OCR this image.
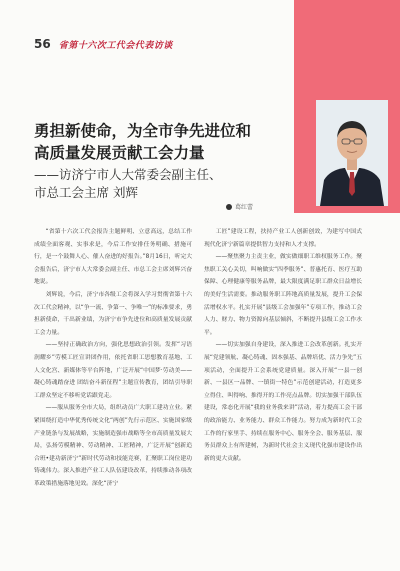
56 省第十六次工代会代表访谈
勇担新使命，为全市争先进位和
高质量发展贡献工会力量
——访济宁市人大常委会副主任、
市总工会主席 刘辉
葛红蕾

“省第十六次工代会报告主题鲜明、立意高远，总结工作成绩全面客观、实事求是，今后工作安排任务明确、措施可行，是一个鼓舞人心、催人奋进的好报告。”8月16日，听完大会报告后，济宁市人大常委会副主任、市总工会主席刘辉兴奋地说。

刘辉说，今后，济宁市各级工会将深入学习贯彻省第十六次工代会精神，以“争一流、争第一、争唯一”的标准要求，勇担新使命，干出新业绩，为济宁市争先进位和高质量发展贡献工会力量。

——坚持正确政治方向，强化思想政治引领。发挥“习语润耀乡”劳模工匠宣讲团作用，依托省职工思想教育基地、工人文化宫、新媒体等平台阵地，广泛开展“中国梦·劳动美——凝心铸魂踏奋进 团结奋斗新征程”主题宣传教育，团结引导职工群众坚定不移听党话跟党走。

——服从服务全市大局，组织动员广大职工建功立业。紧紧围绕打造中华优秀传统文化“两创”先行示范区、实施国家级产业链条与发展战略，实施制造强市战略等全市高质量发展大局，弘扬劳模精神、劳动精神、工匠精神，广泛开展“创新追合班•建功新济宁”新时代劳动和技能竞赛，汇聚职工岗位建功铸魂伟力。深入推进产业工人队伍建设改革，持续推动各项改革政策措施落地见效。深化“济宁

工匠”建设工程，扶持产业工人创新创效，为建写中国式现代化济宁新篇章提供智力支持和人才支撑。

——聚焦聚力主责主业，做实做细职工维权服务工作。聚焦职工关心关切，叫响做实“四季服务”、普惠托育、医疗互助保障、心理健康等服务品牌，最大限度满足职工群众日益增长的美好生活需要。推动服务职工阵地高质量发展，提升工会保活增权水平。扎实开展“县级工会加强年”专项工作，推动工会人力、财力、物力资源向基层倾斜，不断提升县级工会工作水平。

——切实加强自身建设，深入推进工会改革创新。扎实开展“党建领航、凝心铸魂、固本强基、品牌培优、活力争先”五项活动，全面提升工会系统党建质量。深入开展“一县一创新、一县区一品牌、一镇街一特色”示范创建活动，打造更多立得住、叫得响、推得开的工作亮点品牌。切实加强干部队伍建设，常态化开展“我的业务我来讲”活动，着力提高工会干部的政治能力、业务能力、群众工作能力。努力成为新时代工会工作的行家里手、持续在服务中心、服务全会、服务基层、服务员群众上有所建树，为新时代社会主义现代化强市建设作出新的更大贡献。
